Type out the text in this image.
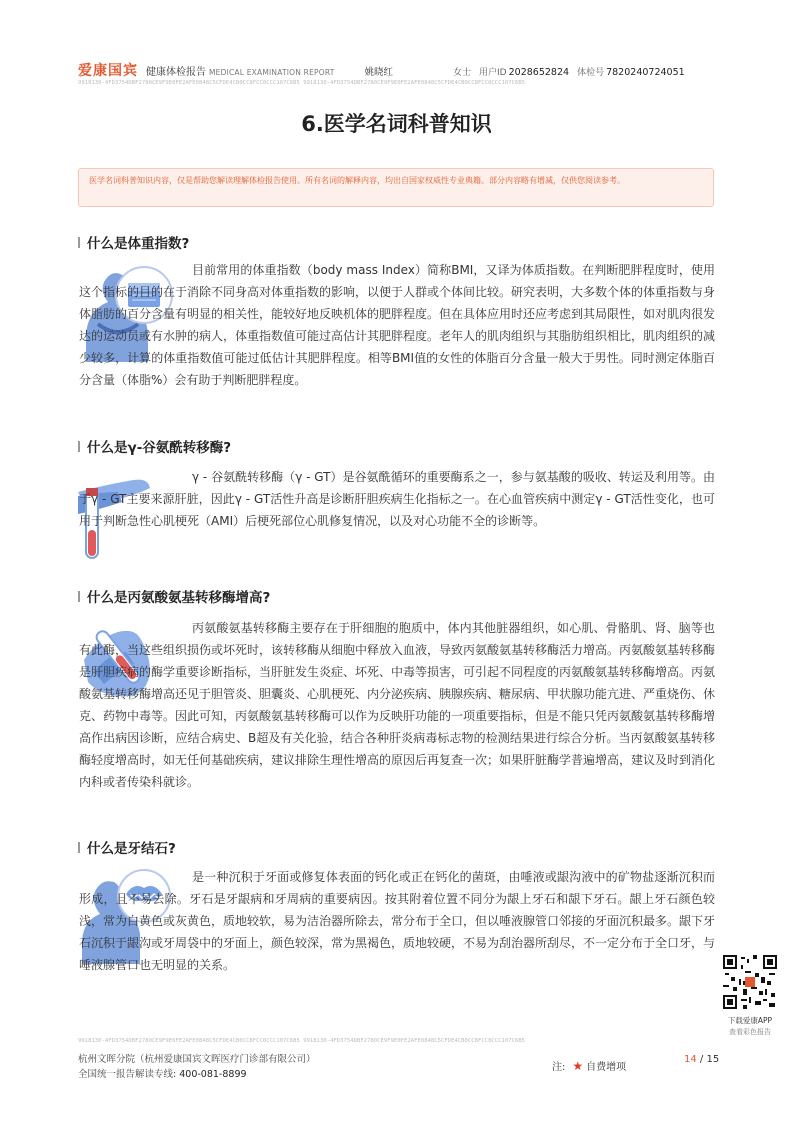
爱康国宾 健康体检报告 MEDICAL EXAMINATION REPORT	姚晓红	女士 用户ID 2028652824 体检号 7820240724051
9918130-4FD3754DBF2780CE9F9E0FE2AFE0848C5CFDE4CB0CC8FCC0CCC107C6B5 9918130-4FD3754DBF2780CE9F9E0FE2AFE0848C5CFDE4CB0CC8FCC0CCC107C6B5
6.医学名词科普知识
医学名词科普知识内容，仅是帮助您解读理解体检报告使用。所有名词的解释内容，均出自国家权威性专业典籍。部分内容略有增减，仅供您阅读参考。
什么是体重指数?
目前常用的体重指数（body mass Index）简称BMI，又译为体质指数。在判断肥胖程度时，使用这个指标的目的在于消除不同身高对体重指数的影响，以便于人群或个体间比较。研究表明，大多数个体的体重指数与身体脂肪的百分含量有明显的相关性，能较好地反映机体的肥胖程度。但在具体应用时还应考虑到其局限性，如对肌肉很发达的运动员或有水肿的病人，体重指数值可能过高估计其肥胖程度。老年人的肌肉组织与其脂肪组织相比，肌肉组织的减少较多，计算的体重指数值可能过低估计其肥胖程度。相等BMI值的女性的体脂百分含量一般大于男性。同时测定体脂百分含量（体脂%）会有助于判断肥胖程度。
什么是γ-谷氨酰转移酶?
γ - 谷氨酰转移酶（γ - GT）是谷氨酰循环的重要酶系之一，参与氨基酸的吸收、转运及利用等。由于γ - GT主要来源肝脏，因此γ - GT活性升高是诊断肝胆疾病生化指标之一。在心血管疾病中测定γ - GT活性变化，也可用于判断急性心肌梗死（AMI）后梗死部位心肌修复情况，以及对心功能不全的诊断等。
什么是丙氨酸氨基转移酶增高?
丙氨酸氨基转移酶主要存在于肝细胞的胞质中，体内其他脏器组织，如心肌、骨骼肌、肾、脑等也有此酶，当这些组织损伤或坏死时，该转移酶从细胞中释放入血液，导致丙氨酸氨基转移酶活力增高。丙氨酸氨基转移酶是肝胆疾病的酶学重要诊断指标，当肝脏发生炎症、坏死、中毒等损害，可引起不同程度的丙氨酸氨基转移酶增高。丙氨酸氨基转移酶增高还见于胆管炎、胆囊炎、心肌梗死、内分泌疾病、胰腺疾病、糖尿病、甲状腺功能亢进、严重烧伤、休克、药物中毒等。因此可知，丙氨酸氨基转移酶可以作为反映肝功能的一项重要指标，但是不能只凭丙氨酸氨基转移酶增高作出病因诊断，应结合病史、B超及有关化验，结合各种肝炎病毒标志物的检测结果进行综合分析。当丙氨酸氨基转移酶轻度增高时，如无任何基础疾病，建议排除生理性增高的原因后再复查一次；如果肝脏酶学普遍增高，建议及时到消化内科或者传染科就诊。
什么是牙结石?
是一种沉积于牙面或修复体表面的钙化或正在钙化的菌斑，由唾液或龈沟液中的矿物盐逐渐沉积而形成，且不易去除。牙石是牙龈病和牙周病的重要病因。按其附着位置不同分为龈上牙石和龈下牙石。龈上牙石颜色较浅，常为白黄色或灰黄色，质地较软，易为洁治器所除去，常分布于全口，但以唾液腺管口邻接的牙面沉积最多。龈下牙石沉积于龈沟或牙周袋中的牙面上，颜色较深，常为黑褐色，质地较硬，不易为刮治器所刮尽，不一定分布于全口牙，与唾液腺管口也无明显的关系。
下载爱康APP
查看彩色报告
9918130-4FD3754DBF2780CE9F9E0FE2AFE0848C5CFDE4CB0CC8FCC0CCC107C6B5 9918130-4FD3754DBF2780CE9F9E0FE2AFE0848C5CFDE4CB0CC8FCC0CCC107C6B5
杭州文晖分院（杭州爱康国宾文晖医疗门诊部有限公司）
全国统一报告解读专线: 400-081-8899
注: ★ 自费增项
14 / 15
